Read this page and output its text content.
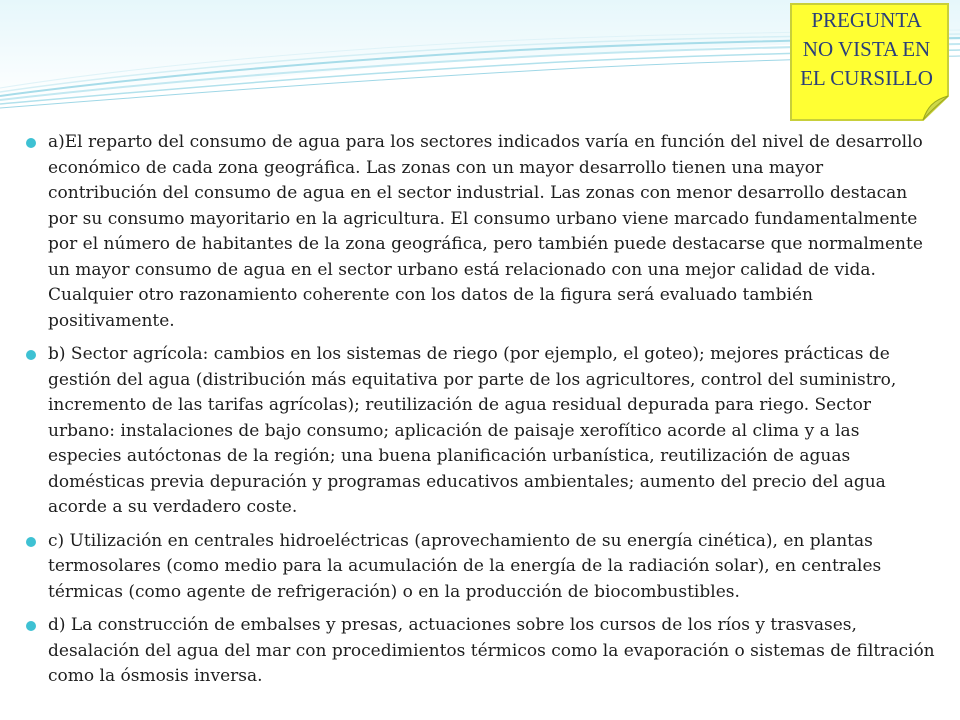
PREGUNTA
NO VISTA EN
EL CURSILLO
a)El reparto del consumo de agua para los sectores indicados varía en función del nivel de desarrollo económico de cada zona geográfica. Las zonas con un mayor desarrollo tienen una mayor contribución del consumo de agua en el sector industrial. Las zonas con menor desarrollo destacan por su consumo mayoritario en la agricultura. El consumo urbano viene marcado fundamentalmente por el número de habitantes de la zona geográfica, pero también puede destacarse que normalmente un mayor consumo de agua en el sector urbano está relacionado con una mejor calidad de vida. Cualquier otro razonamiento coherente con los datos de la figura será evaluado también positivamente.
b) Sector agrícola: cambios en los sistemas de riego (por ejemplo, el goteo); mejores prácticas de gestión del agua (distribución más equitativa por parte de los agricultores, control del suministro, incremento de las tarifas agrícolas); reutilización de agua residual depurada para riego. Sector urbano: instalaciones de bajo consumo; aplicación de paisaje xerofítico acorde al clima y a las especies autóctonas de la región; una buena planificación urbanística, reutilización de aguas domésticas previa depuración y programas educativos ambientales; aumento del precio del agua acorde a su verdadero coste.
c) Utilización en centrales hidroeléctricas (aprovechamiento de su energía cinética), en plantas termosolares (como medio para la acumulación de la energía de la radiación solar), en centrales térmicas (como agente de refrigeración) o en la producción de biocombustibles.
d) La construcción de embalses y presas, actuaciones sobre los cursos de los ríos y trasvases, desalación del agua del mar con procedimientos térmicos como la evaporación o sistemas de filtración como la ósmosis inversa.
